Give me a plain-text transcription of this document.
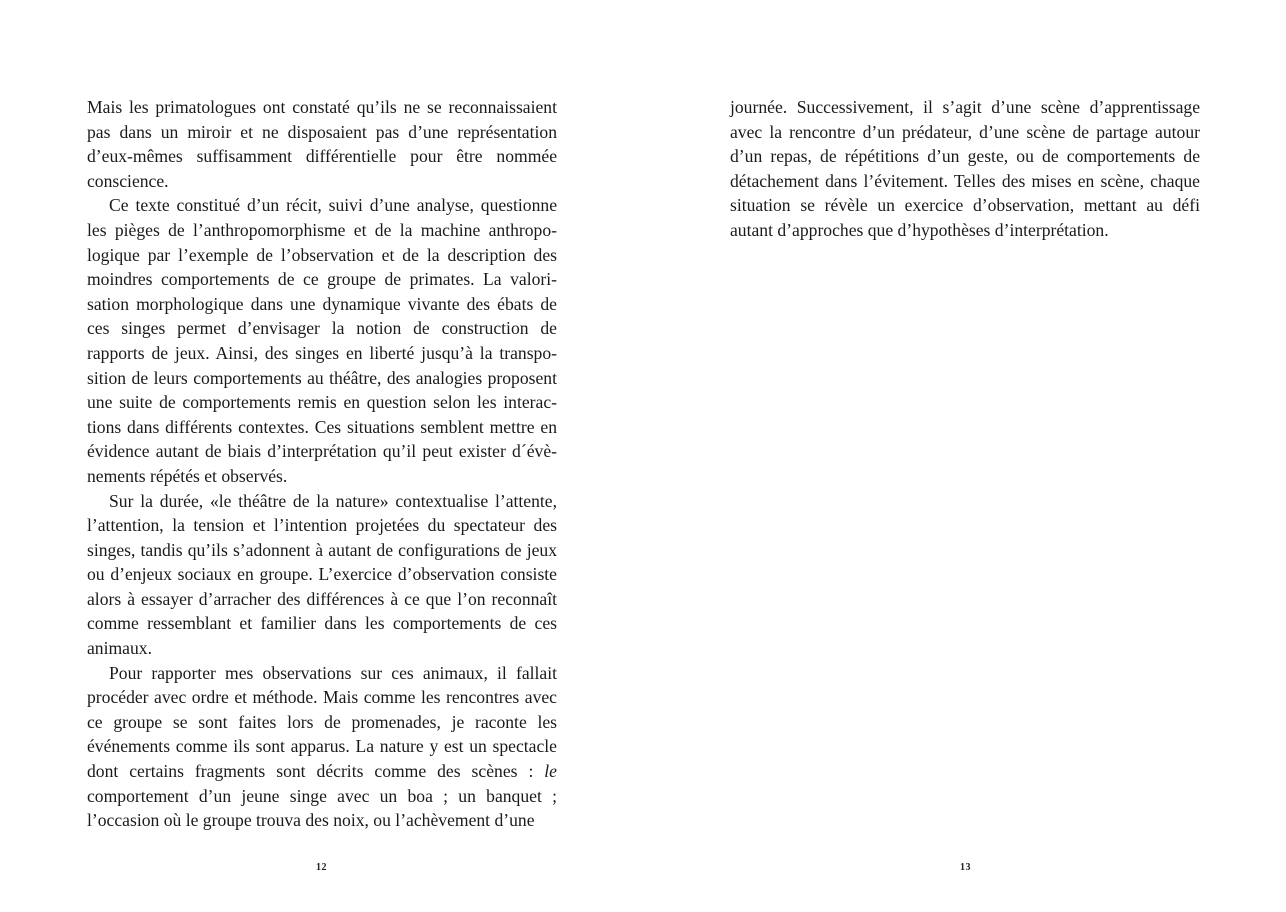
Mais les primatologues ont constaté qu’ils ne se reconnaissaient pas dans un miroir et ne disposaient pas d’une représentation d’eux-mêmes suffisamment différentielle pour être nommée conscience.

Ce texte constitué d’un récit, suivi d’une analyse, questionne les pièges de l’anthropomorphisme et de la machine anthropologique par l’exemple de l’observation et de la description des moindres comportements de ce groupe de primates. La valorisation morphologique dans une dynamique vivante des ébats de ces singes permet d’envisager la notion de construction de rapports de jeux. Ainsi, des singes en liberté jusqu’à la transposition de leurs comportements au théâtre, des analogies proposent une suite de comportements remis en question selon les interactions dans différents contextes. Ces situations semblent mettre en évidence autant de biais d’interprétation qu’il peut exister d´évènements répétés et observés.

Sur la durée, «le théâtre de la nature» contextualise l’attente, l’attention, la tension et l’intention projetées du spectateur des singes, tandis qu’ils s’adonnent à autant de configurations de jeux ou d’enjeux sociaux en groupe. L’exercice d’observation consiste alors à essayer d’arracher des différences à ce que l’on reconnaît comme ressemblant et familier dans les comportements de ces animaux.

Pour rapporter mes observations sur ces animaux, il fallait procéder avec ordre et méthode. Mais comme les rencontres avec ce groupe se sont faites lors de promenades, je raconte les événements comme ils sont apparus. La nature y est un spectacle dont certains fragments sont décrits comme des scènes : le comportement d’un jeune singe avec un boa ; un banquet ; l’occasion où le groupe trouva des noix, ou l’achèvement d’une

12

journée. Successivement, il s’agit d’une scène d’apprentissage avec la rencontre d’un prédateur, d’une scène de partage autour d’un repas, de répétitions d’un geste, ou de comportements de détachement dans l’évitement. Telles des mises en scène, chaque situation se révèle un exercice d’observation, mettant au défi autant d’approches que d’hypothèses d’interprétation.

13
